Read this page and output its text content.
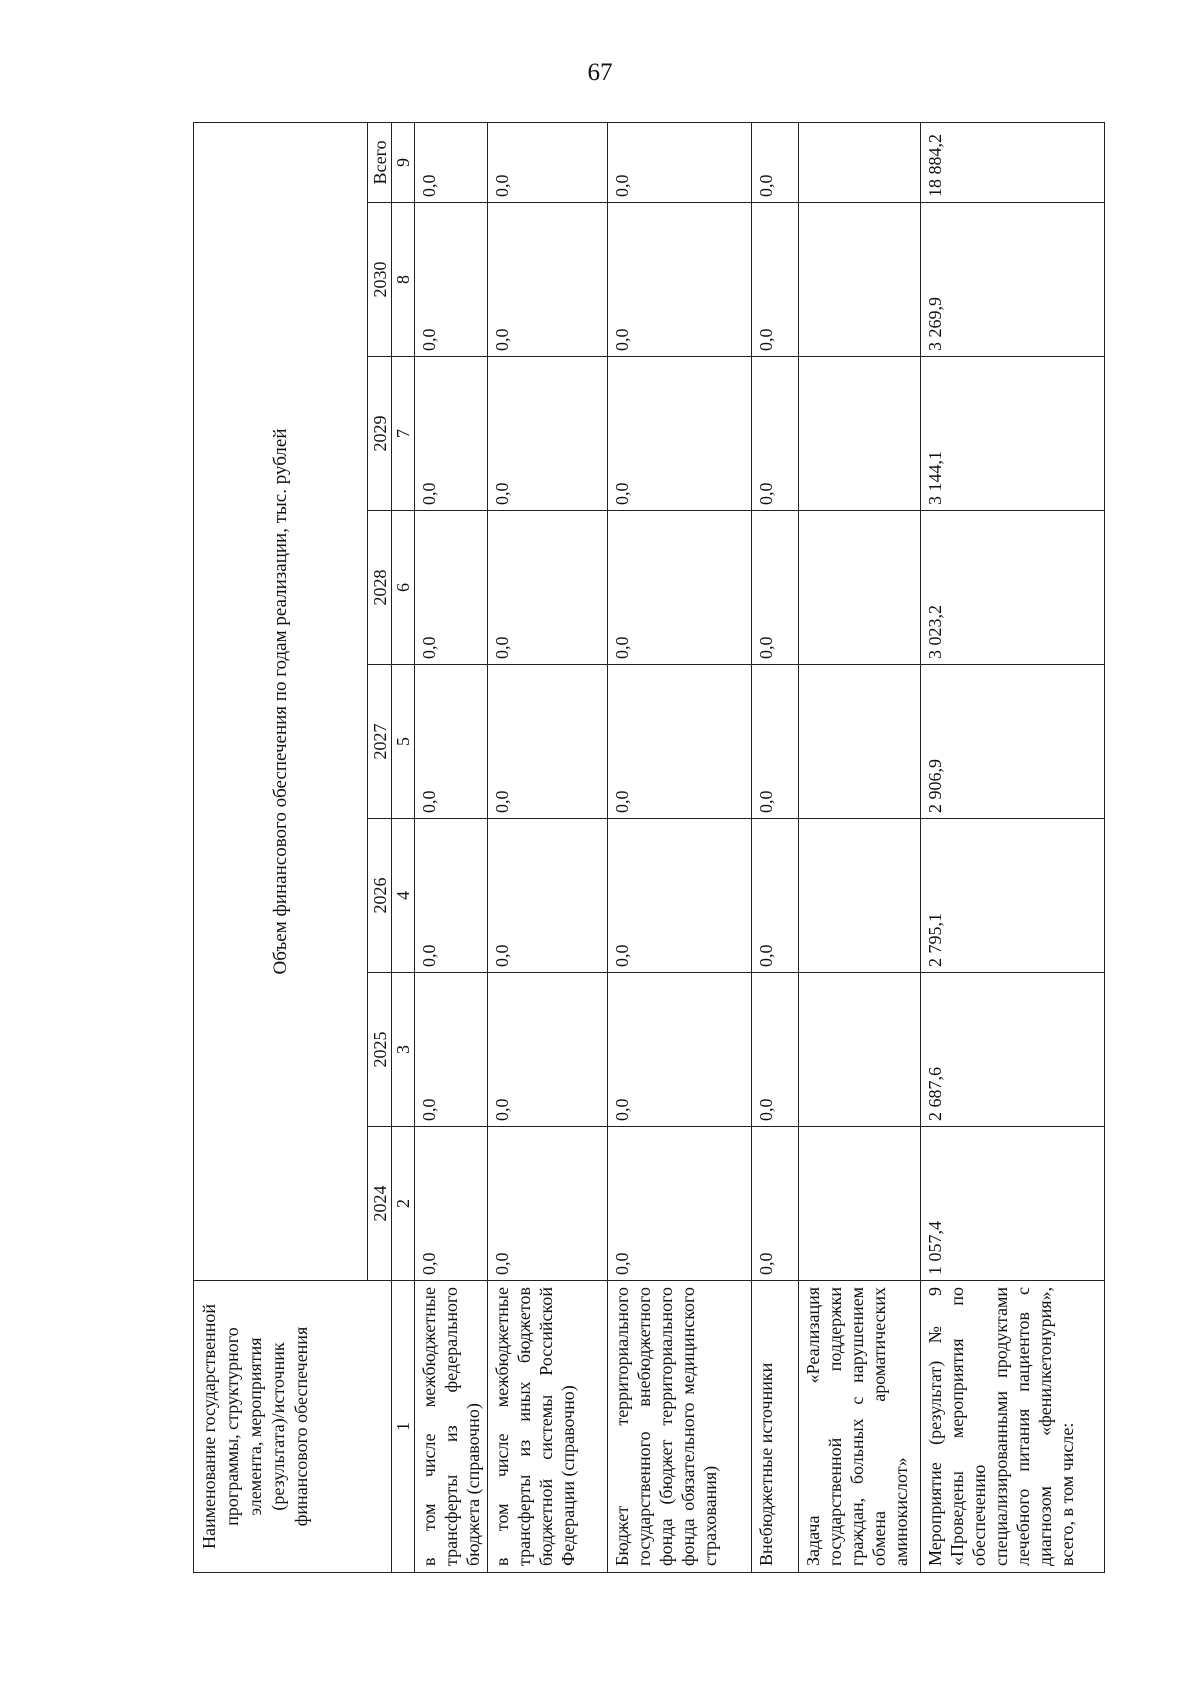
67
Наименование государственной программы, структурного элемента, мероприятия (результата)/источник финансового обеспечения	Объем финансового обеспечения по годам реализации, тыс. рублей							
	2024	2025	2026	2027	2028	2029	2030	Всего
1	2	3	4	5	6	7	8	9
в том числе межбюджетные трансферты из федерального бюджета (справочно)	0,0	0,0	0,0	0,0	0,0	0,0	0,0	0,0
в том числе межбюджетные трансферты из иных бюджетов бюджетной системы Российской Федерации (справочно)	0,0	0,0	0,0	0,0	0,0	0,0	0,0	0,0
Бюджет территориального государственного внебюджетного фонда (бюджет территориального фонда обязательного медицинского страхования)	0,0	0,0	0,0	0,0	0,0	0,0	0,0	0,0
Внебюджетные источники	0,0	0,0	0,0	0,0	0,0	0,0	0,0	0,0
Задача «Реализация государственной поддержки граждан, больных с нарушением обмена ароматических аминокислот»								
Мероприятие (результат) № 9 «Проведены мероприятия по обеспечению специализированными продуктами лечебного питания пациентов с диагнозом «фенилкетонурия», всего, в том числе:	1 057,4	2 687,6	2 795,1	2 906,9	3 023,2	3 144,1	3 269,9	18 884,2
